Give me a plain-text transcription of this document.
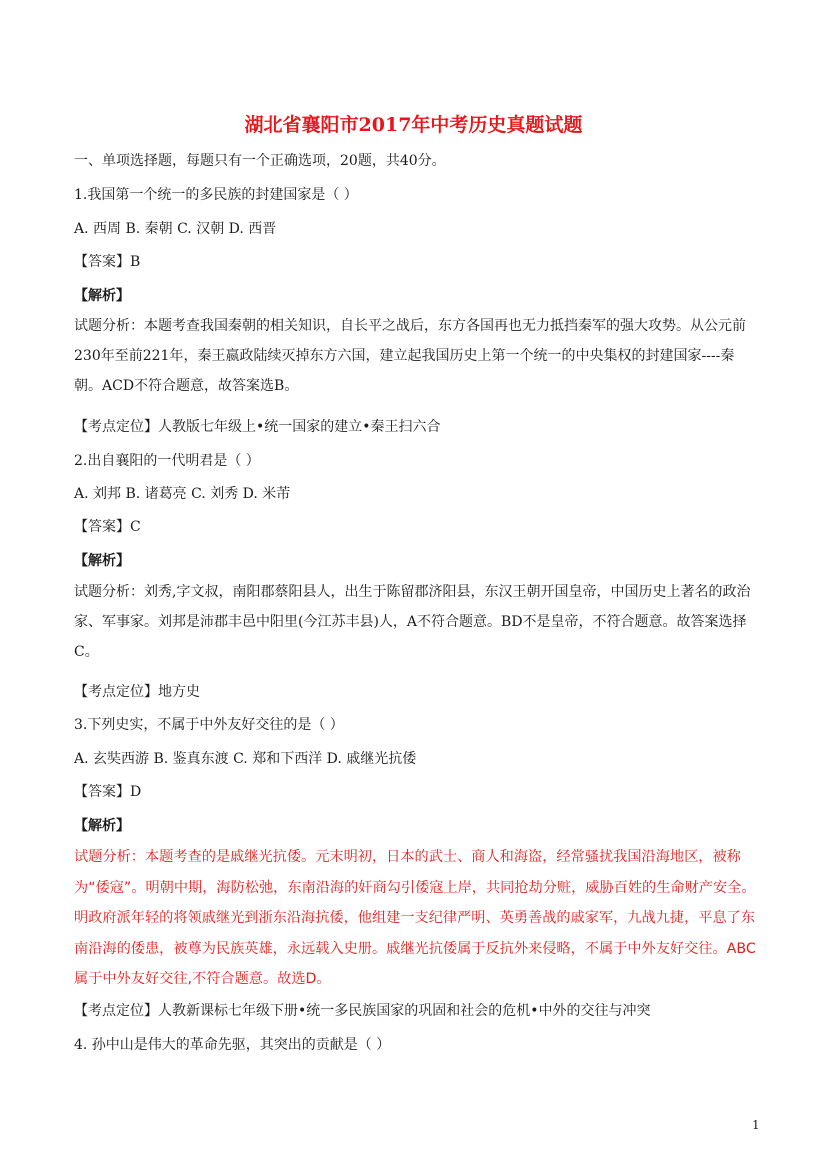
湖北省襄阳市2017年中考历史真题试题
一、单项选择题，每题只有一个正确选项，20题，共40分。
1.我国第一个统一的多民族的封建国家是（ ）
A. 西周 B. 秦朝 C. 汉朝 D. 西晋
【答案】B
【解析】
试题分析：本题考查我国秦朝的相关知识，自长平之战后，东方各国再也无力抵挡秦军的强大攻势。从公元前230年至前221年，秦王嬴政陆续灭掉东方六国，建立起我国历史上第一个统一的中央集权的封建国家----秦朝。ACD不符合题意，故答案选B。
【考点定位】人教版七年级上•统一国家的建立•秦王扫六合
2.出自襄阳的一代明君是（ ）
A. 刘邦 B. 诸葛亮 C. 刘秀 D. 米芾
【答案】C
【解析】
试题分析：刘秀,字文叔，南阳郡蔡阳县人，出生于陈留郡济阳县，东汉王朝开国皇帝，中国历史上著名的政治家、军事家。刘邦是沛郡丰邑中阳里(今江苏丰县)人，A不符合题意。BD不是皇帝，不符合题意。故答案选择C。
【考点定位】地方史
3.下列史实，不属于中外友好交往的是（ ）
A. 玄奘西游 B. 鉴真东渡 C. 郑和下西洋 D. 戚继光抗倭
【答案】D
【解析】
试题分析：本题考查的是戚继光抗倭。元末明初，日本的武士、商人和海盗，经常骚扰我国沿海地区，被称为“倭寇”。明朝中期，海防松弛，东南沿海的奸商勾引倭寇上岸，共同抢劫分赃，威胁百姓的生命财产安全。明政府派年轻的将领戚继光到浙东沿海抗倭，他组建一支纪律严明、英勇善战的戚家军，九战九捷，平息了东南沿海的倭患，被尊为民族英雄，永远载入史册。戚继光抗倭属于反抗外来侵略，不属于中外友好交往。ABC属于中外友好交往,不符合题意。故选D。
【考点定位】人教新课标七年级下册•统一多民族国家的巩固和社会的危机•中外的交往与冲突
4. 孙中山是伟大的革命先驱，其突出的贡献是（ ）
1
